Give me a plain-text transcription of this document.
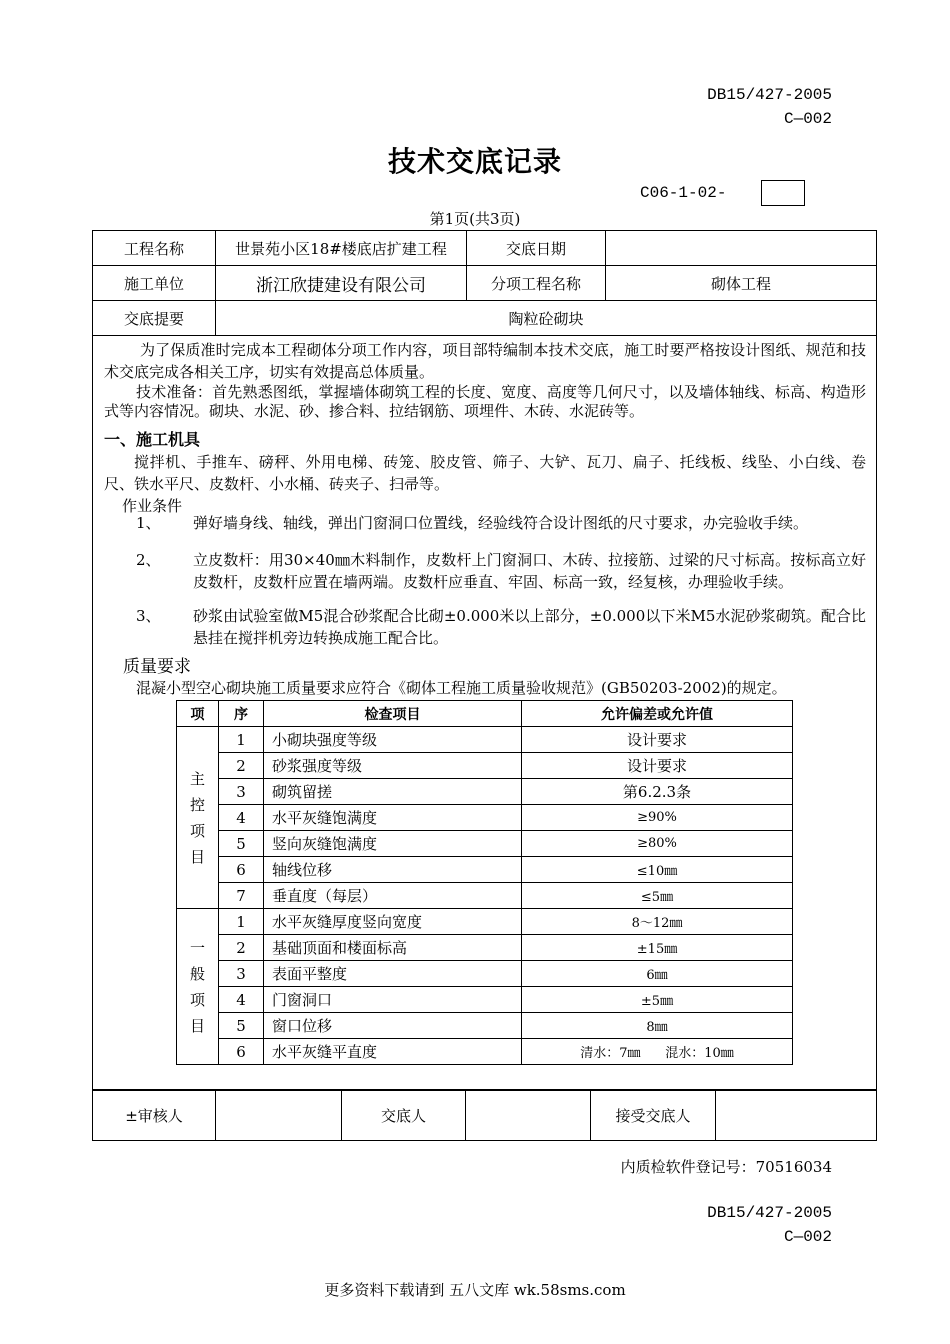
DB15/427-2005
C—002
技术交底记录
C06-1-02-
第1页(共3页)
工程名称	世景苑小区18#楼底店扩建工程	交底日期	
施工单位	浙江欣捷建设有限公司	分项工程名称	砌体工程
交底提要	陶粒砼砌块		
为了保质准时完成本工程砌体分项工作内容，项目部特编制本技术交底，施工时要严格按设计图纸、规范和技术交底完成各相关工序，切实有效提高总体质量。
技术准备：首先熟悉图纸，掌握墙体砌筑工程的长度、宽度、高度等几何尺寸，以及墙体轴线、标高、构造形式等内容情况。砌块、水泥、砂、掺合料、拉结钢筋、项埋件、木砖、水泥砖等。
一、施工机具
搅拌机、手推车、磅秤、外用电梯、砖笼、胶皮管、筛子、大铲、瓦刀、扁子、托线板、线坠、小白线、卷尺、铁水平尺、皮数杆、小水桶、砖夹子、扫帚等。
作业条件
1、 弹好墙身线、轴线，弹出门窗洞口位置线，经验线符合设计图纸的尺寸要求，办完验收手续。
2、 立皮数杆：用30×40㎜木料制作，皮数杆上门窗洞口、木砖、拉接筋、过梁的尺寸标高。按标高立好皮数杆，皮数杆应置在墙两端。皮数杆应垂直、牢固、标高一致，经复核，办理验收手续。
3、 砂浆由试验室做M5混合砂浆配合比砌±0.000米以上部分，±0.000以下米M5水泥砂浆砌筑。配合比悬挂在搅拌机旁边转换成施工配合比。
质量要求
混凝小型空心砌块施工质量要求应符合《砌体工程施工质量验收规范》(GB50203-2002)的规定。
项	序	检查项目	允许偏差或允许值
主
控
项
目	1	小砌块强度等级	设计要求
	2	砂浆强度等级	设计要求
	3	砌筑留搓	第6.2.3条
	4	水平灰缝饱满度	≥90%
	5	竖向灰缝饱满度	≥80%
	6	轴线位移	≤10㎜
	7	垂直度（每层）	≤5㎜
一
般
项
目	1	水平灰缝厚度竖向宽度	8～12㎜
	2	基础顶面和楼面标高	±15㎜
	3	表面平整度	6㎜
	4	门窗洞口	±5㎜
	5	窗口位移	8㎜
	6	水平灰缝平直度	清水：7㎜      混水：10㎜
±审核人		交底人		接受交底人	
内质检软件登记号：70516034
DB15/427-2005
C—002
更多资料下载请到 五八文库 wk.58sms.com
